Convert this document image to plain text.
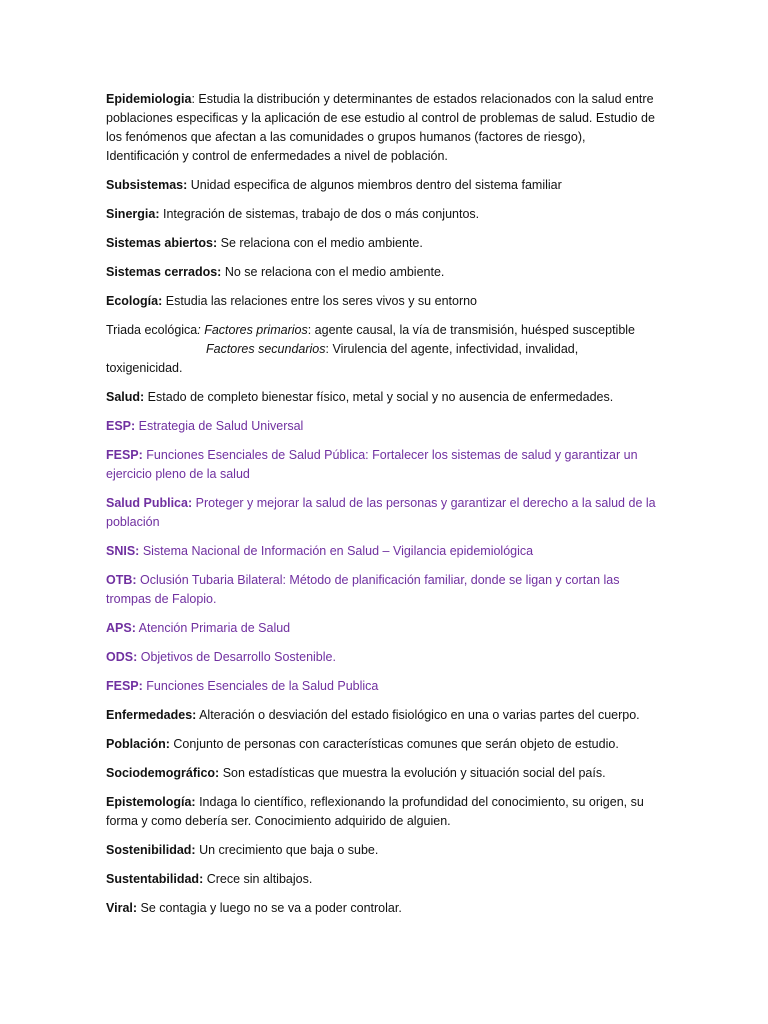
Epidemiologia: Estudia la distribución y determinantes de estados relacionados con la salud entre poblaciones especificas y la aplicación de ese estudio al control de problemas de salud. Estudio de los fenómenos que afectan a las comunidades o grupos humanos (factores de riesgo), Identificación y control de enfermedades a nivel de población.

Subsistemas: Unidad especifica de algunos miembros dentro del sistema familiar

Sinergia: Integración de sistemas, trabajo de dos o más conjuntos.

Sistemas abiertos: Se relaciona con el medio ambiente.

Sistemas cerrados: No se relaciona con el medio ambiente.

Ecología: Estudia las relaciones entre los seres vivos y su entorno

Triada ecológica: Factores primarios: agente causal, la vía de transmisión, huésped susceptible
Factores secundarios: Virulencia del agente, infectividad, invalidad, toxigenicidad.

Salud: Estado de completo bienestar físico, metal y social y no ausencia de enfermedades.

ESP: Estrategia de Salud Universal

FESP: Funciones Esenciales de Salud Pública: Fortalecer los sistemas de salud y garantizar un ejercicio pleno de la salud

Salud Publica: Proteger y mejorar la salud de las personas y garantizar el derecho a la salud de la población

SNIS: Sistema Nacional de Información en Salud – Vigilancia epidemiológica

OTB: Oclusión Tubaria Bilateral: Método de planificación familiar, donde se ligan y cortan las trompas de Falopio.

APS: Atención Primaria de Salud

ODS: Objetivos de Desarrollo Sostenible.

FESP: Funciones Esenciales de la Salud Publica

Enfermedades: Alteración o desviación del estado fisiológico en una o varias partes del cuerpo.

Población: Conjunto de personas con características comunes que serán objeto de estudio.

Sociodemográfico: Son estadísticas que muestra la evolución y situación social del país.

Epistemología: Indaga lo científico, reflexionando la profundidad del conocimiento, su origen, su forma y como debería ser. Conocimiento adquirido de alguien.

Sostenibilidad: Un crecimiento que baja o sube.

Sustentabilidad: Crece sin altibajos.

Viral: Se contagia y luego no se va a poder controlar.
